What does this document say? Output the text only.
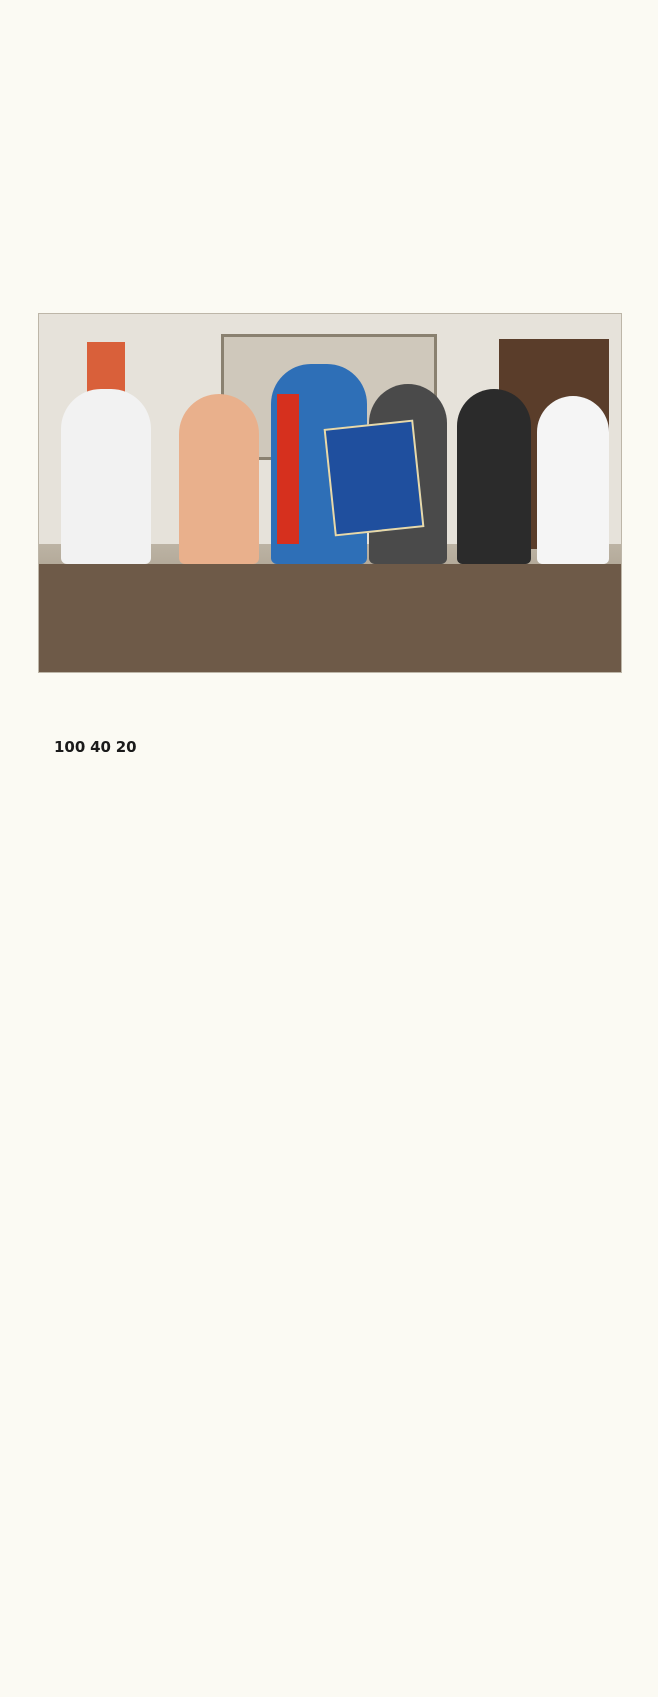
100 40 20
